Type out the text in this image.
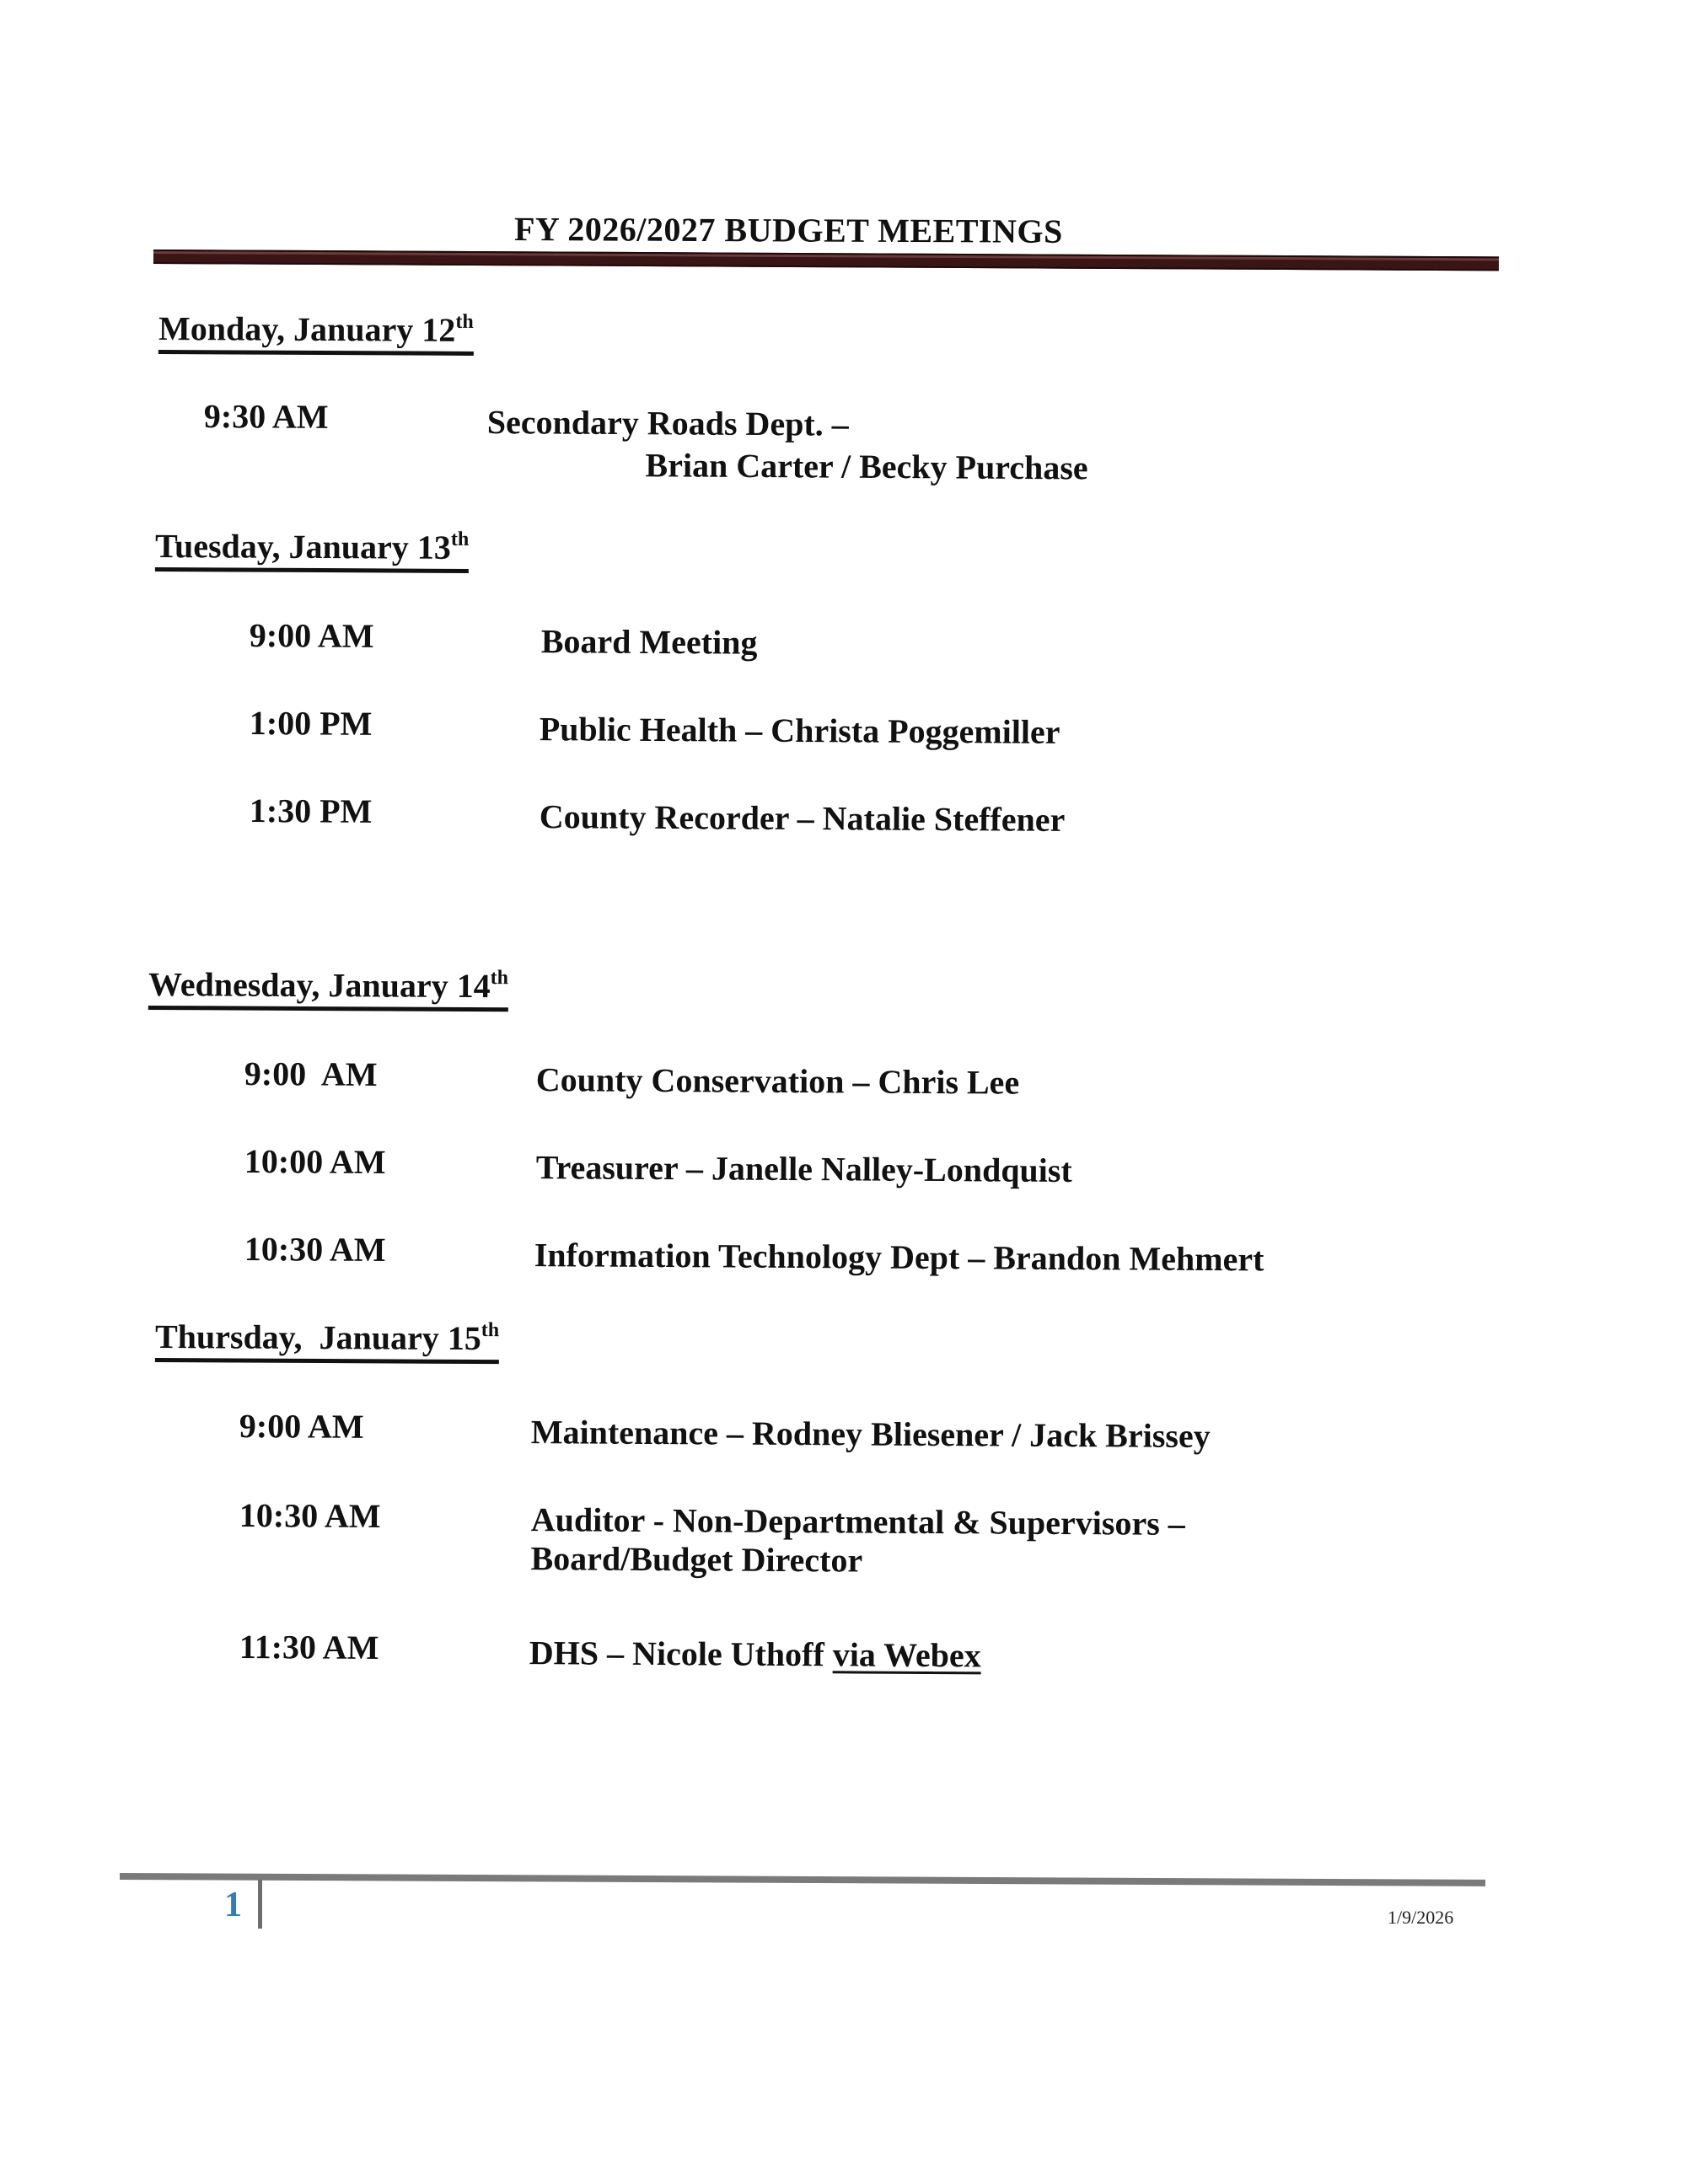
FY 2026/2027 BUDGET MEETINGS
Monday, January 12th
9:30 AM	Secondary Roads Dept. –
Brian Carter / Becky Purchase
Tuesday, January 13th
9:00 AM	Board Meeting
1:00 PM	Public Health – Christa Poggemiller
1:30 PM	County Recorder – Natalie Steffener
Wednesday, January 14th
9:00  AM	County Conservation – Chris Lee
10:00 AM	Treasurer – Janelle Nalley-Londquist
10:30 AM	Information Technology Dept – Brandon Mehmert
Thursday,  January 15th
9:00 AM	Maintenance – Rodney Bliesener / Jack Brissey
10:30 AM	Auditor - Non-Departmental & Supervisors –
Board/Budget Director
11:30 AM	DHS – Nicole Uthoff via Webex
1	1/9/2026
